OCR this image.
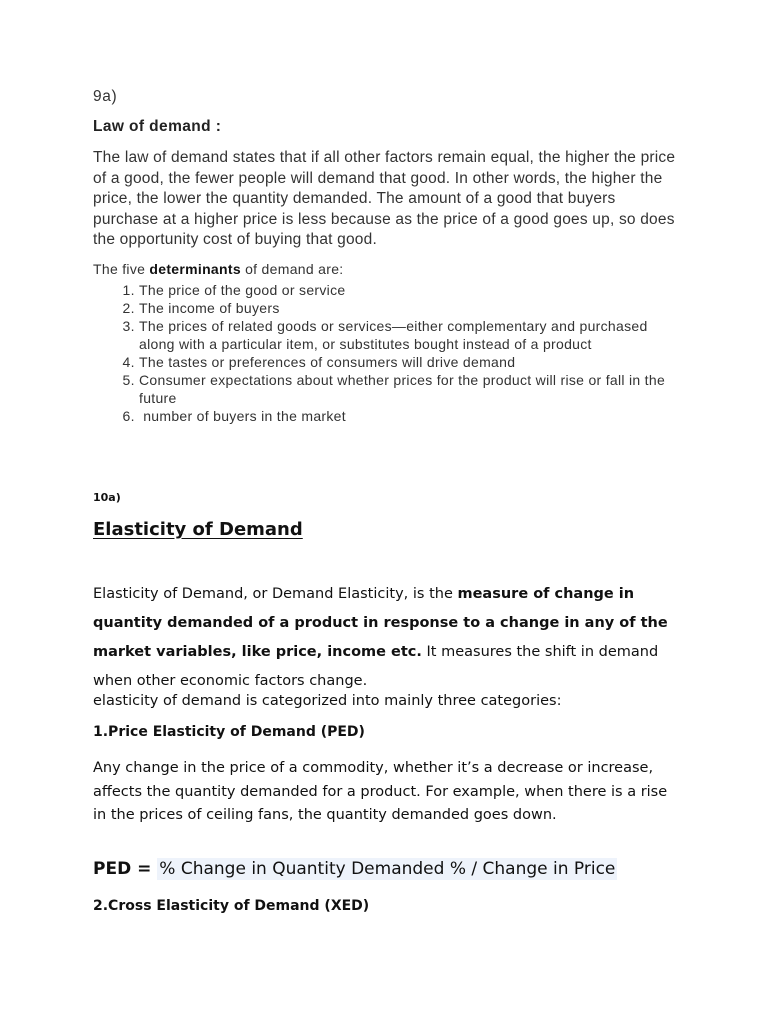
9a)
Law of demand :

The law of demand states that if all other factors remain equal, the higher the price of a good, the fewer people will demand that good. In other words, the higher the price, the lower the quantity demanded. The amount of a good that buyers purchase at a higher price is less because as the price of a good goes up, so does the opportunity cost of buying that good.

The five determinants of demand are:
1. The price of the good or service
2. The income of buyers
3. The prices of related goods or services—either complementary and purchased along with a particular item, or substitutes bought instead of a product
4. The tastes or preferences of consumers will drive demand
5. Consumer expectations about whether prices for the product will rise or fall in the future
6.  number of buyers in the market
10a)
Elasticity of Demand

Elasticity of Demand, or Demand Elasticity, is the measure of change in quantity demanded of a product in response to a change in any of the market variables, like price, income etc. It measures the shift in demand

when other economic factors change.

elasticity of demand is categorized into mainly three categories:

1.Price Elasticity of Demand (PED)

Any change in the price of a commodity, whether it’s a decrease or increase, affects the quantity demanded for a product. For example, when there is a rise in the prices of ceiling fans, the quantity demanded goes down.

PED = % Change in Quantity Demanded % / Change in Price
2.Cross Elasticity of Demand (XED)
